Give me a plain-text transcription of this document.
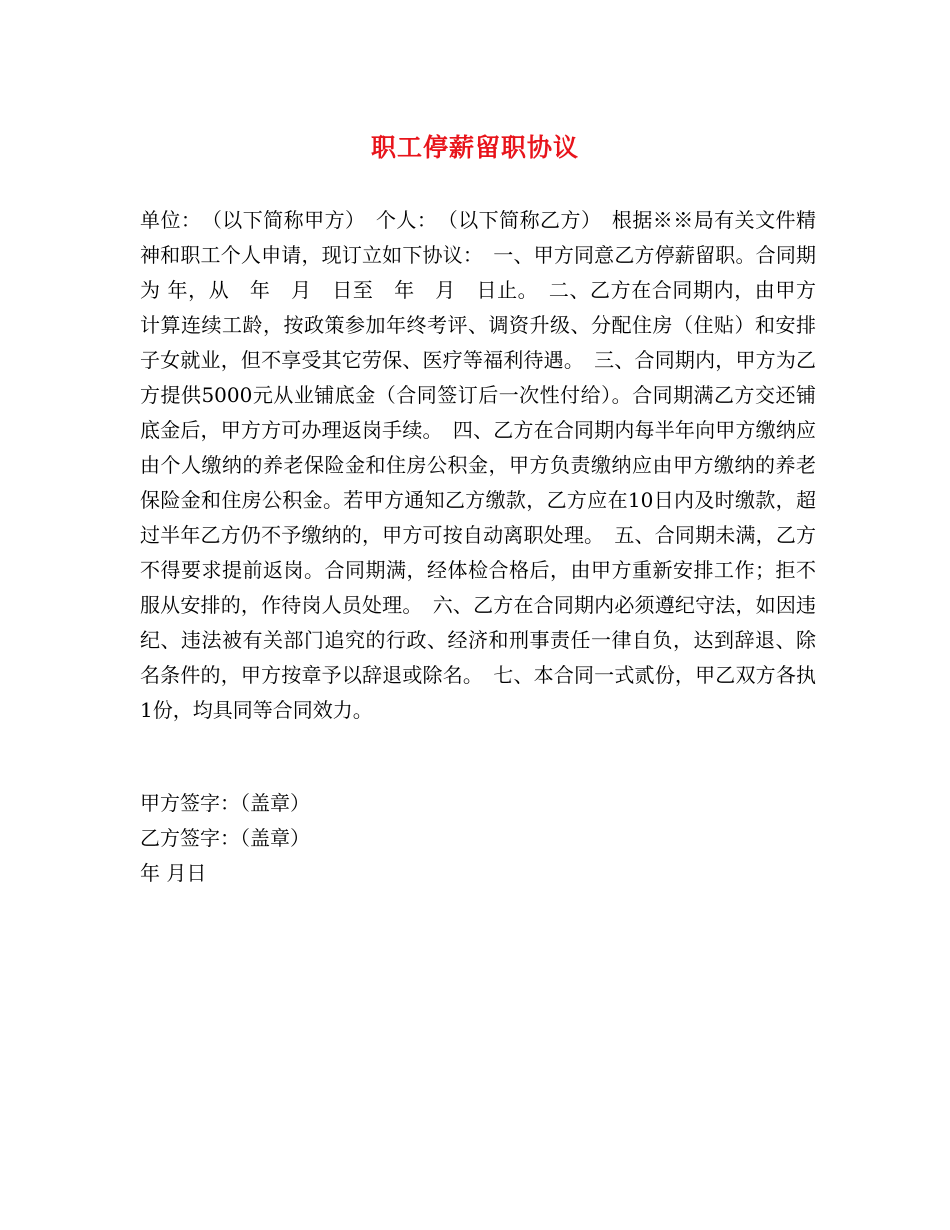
职工停薪留职协议

单位：　（以下简称甲方）　个人：　（以下简称乙方）　根据※※局有关文件精神和职工个人申请，现订立如下协议：　一、甲方同意乙方停薪留职。合同期为 年，从　年　月　日至　年　月　日止。　二、乙方在合同期内，由甲方计算连续工龄，按政策参加年终考评、调资升级、分配住房（住贴）和安排子女就业，但不享受其它劳保、医疗等福利待遇。　三、合同期内，甲方为乙方提供5000元从业铺底金（合同签订后一次性付给）。合同期满乙方交还铺底金后，甲方方可办理返岗手续。　四、乙方在合同期内每半年向甲方缴纳应由个人缴纳的养老保险金和住房公积金，甲方负责缴纳应由甲方缴纳的养老保险金和住房公积金。若甲方通知乙方缴款，乙方应在10日内及时缴款，超过半年乙方仍不予缴纳的，甲方可按自动离职处理。　五、合同期未满，乙方不得要求提前返岗。合同期满，经体检合格后，由甲方重新安排工作；拒不服从安排的，作待岗人员处理。　六、乙方在合同期内必须遵纪守法，如因违纪、违法被有关部门追究的行政、经济和刑事责任一律自负，达到辞退、除名条件的，甲方按章予以辞退或除名。　七、本合同一式贰份，甲乙双方各执1份，均具同等合同效力。

甲方签字：（盖章）
乙方签字：（盖章）
年 月日
